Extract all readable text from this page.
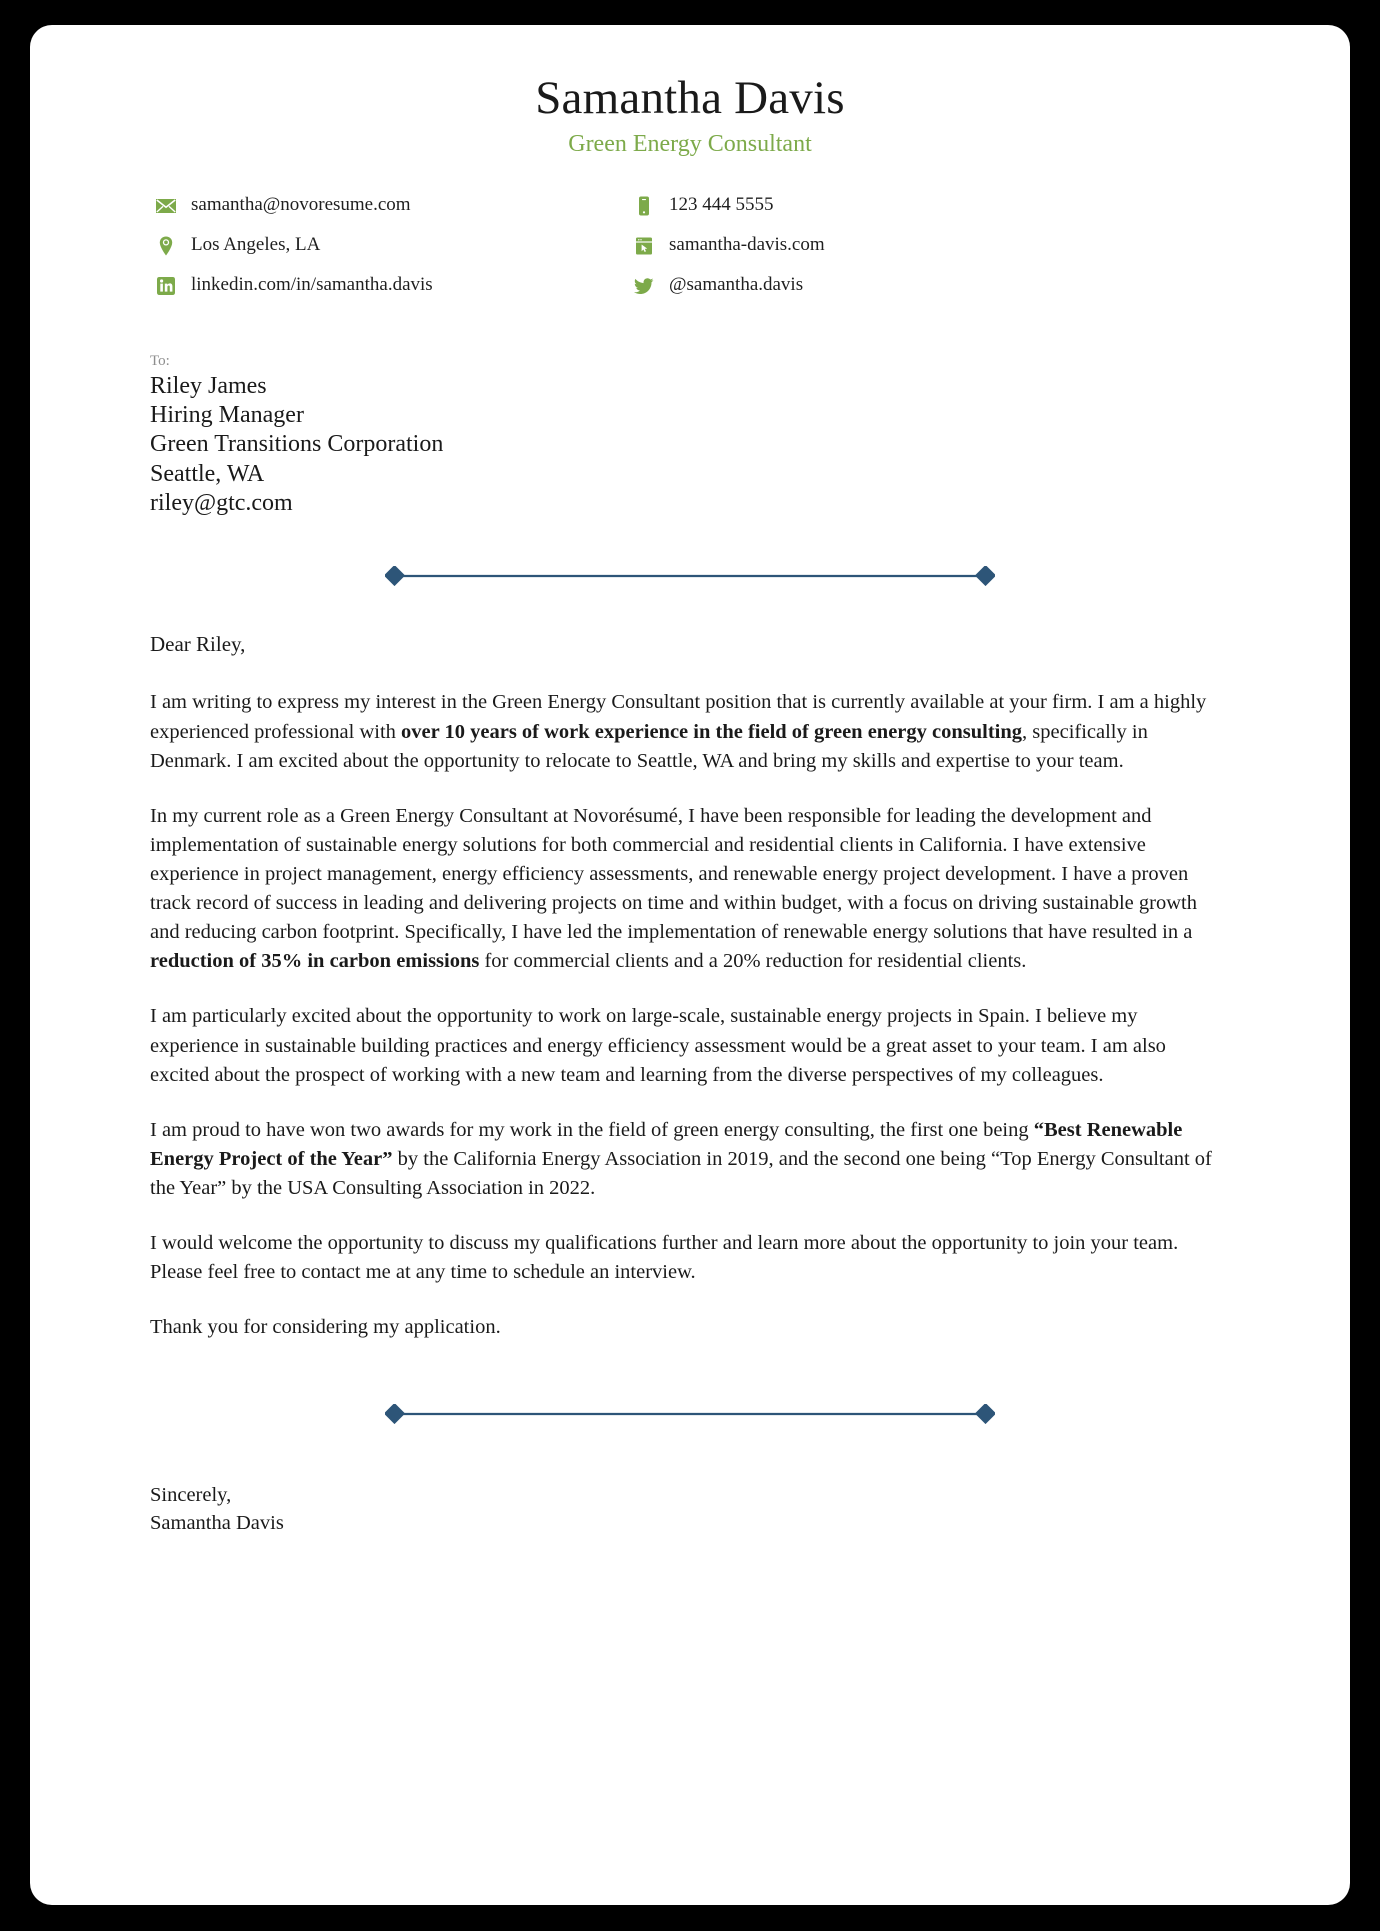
Samantha Davis

Green Energy Consultant

samantha@novoresume.com	123 444 5555
Los Angeles, LA	samantha-davis.com
linkedin.com/in/samantha.davis	@samantha.davis
To:
Riley James
Hiring Manager
Green Transitions Corporation
Seattle, WA
riley@gtc.com
Dear Riley,

I am writing to express my interest in the Green Energy Consultant position that is currently available at your firm. I am a highly experienced professional with over 10 years of work experience in the field of green energy consulting, specifically in Denmark. I am excited about the opportunity to relocate to Seattle, WA and bring my skills and expertise to your team.

In my current role as a Green Energy Consultant at Novorésumé, I have been responsible for leading the development and implementation of sustainable energy solutions for both commercial and residential clients in California. I have extensive experience in project management, energy efficiency assessments, and renewable energy project development. I have a proven track record of success in leading and delivering projects on time and within budget, with a focus on driving sustainable growth and reducing carbon footprint. Specifically, I have led the implementation of renewable energy solutions that have resulted in a reduction of 35% in carbon emissions for commercial clients and a 20% reduction for residential clients.

I am particularly excited about the opportunity to work on large-scale, sustainable energy projects in Spain. I believe my experience in sustainable building practices and energy efficiency assessment would be a great asset to your team. I am also excited about the prospect of working with a new team and learning from the diverse perspectives of my colleagues.

I am proud to have won two awards for my work in the field of green energy consulting, the first one being “Best Renewable Energy Project of the Year” by the California Energy Association in 2019, and the second one being “Top Energy Consultant of the Year” by the USA Consulting Association in 2022.

I would welcome the opportunity to discuss my qualifications further and learn more about the opportunity to join your team. Please feel free to contact me at any time to schedule an interview.

Thank you for considering my application.

Sincerely,
Samantha Davis
